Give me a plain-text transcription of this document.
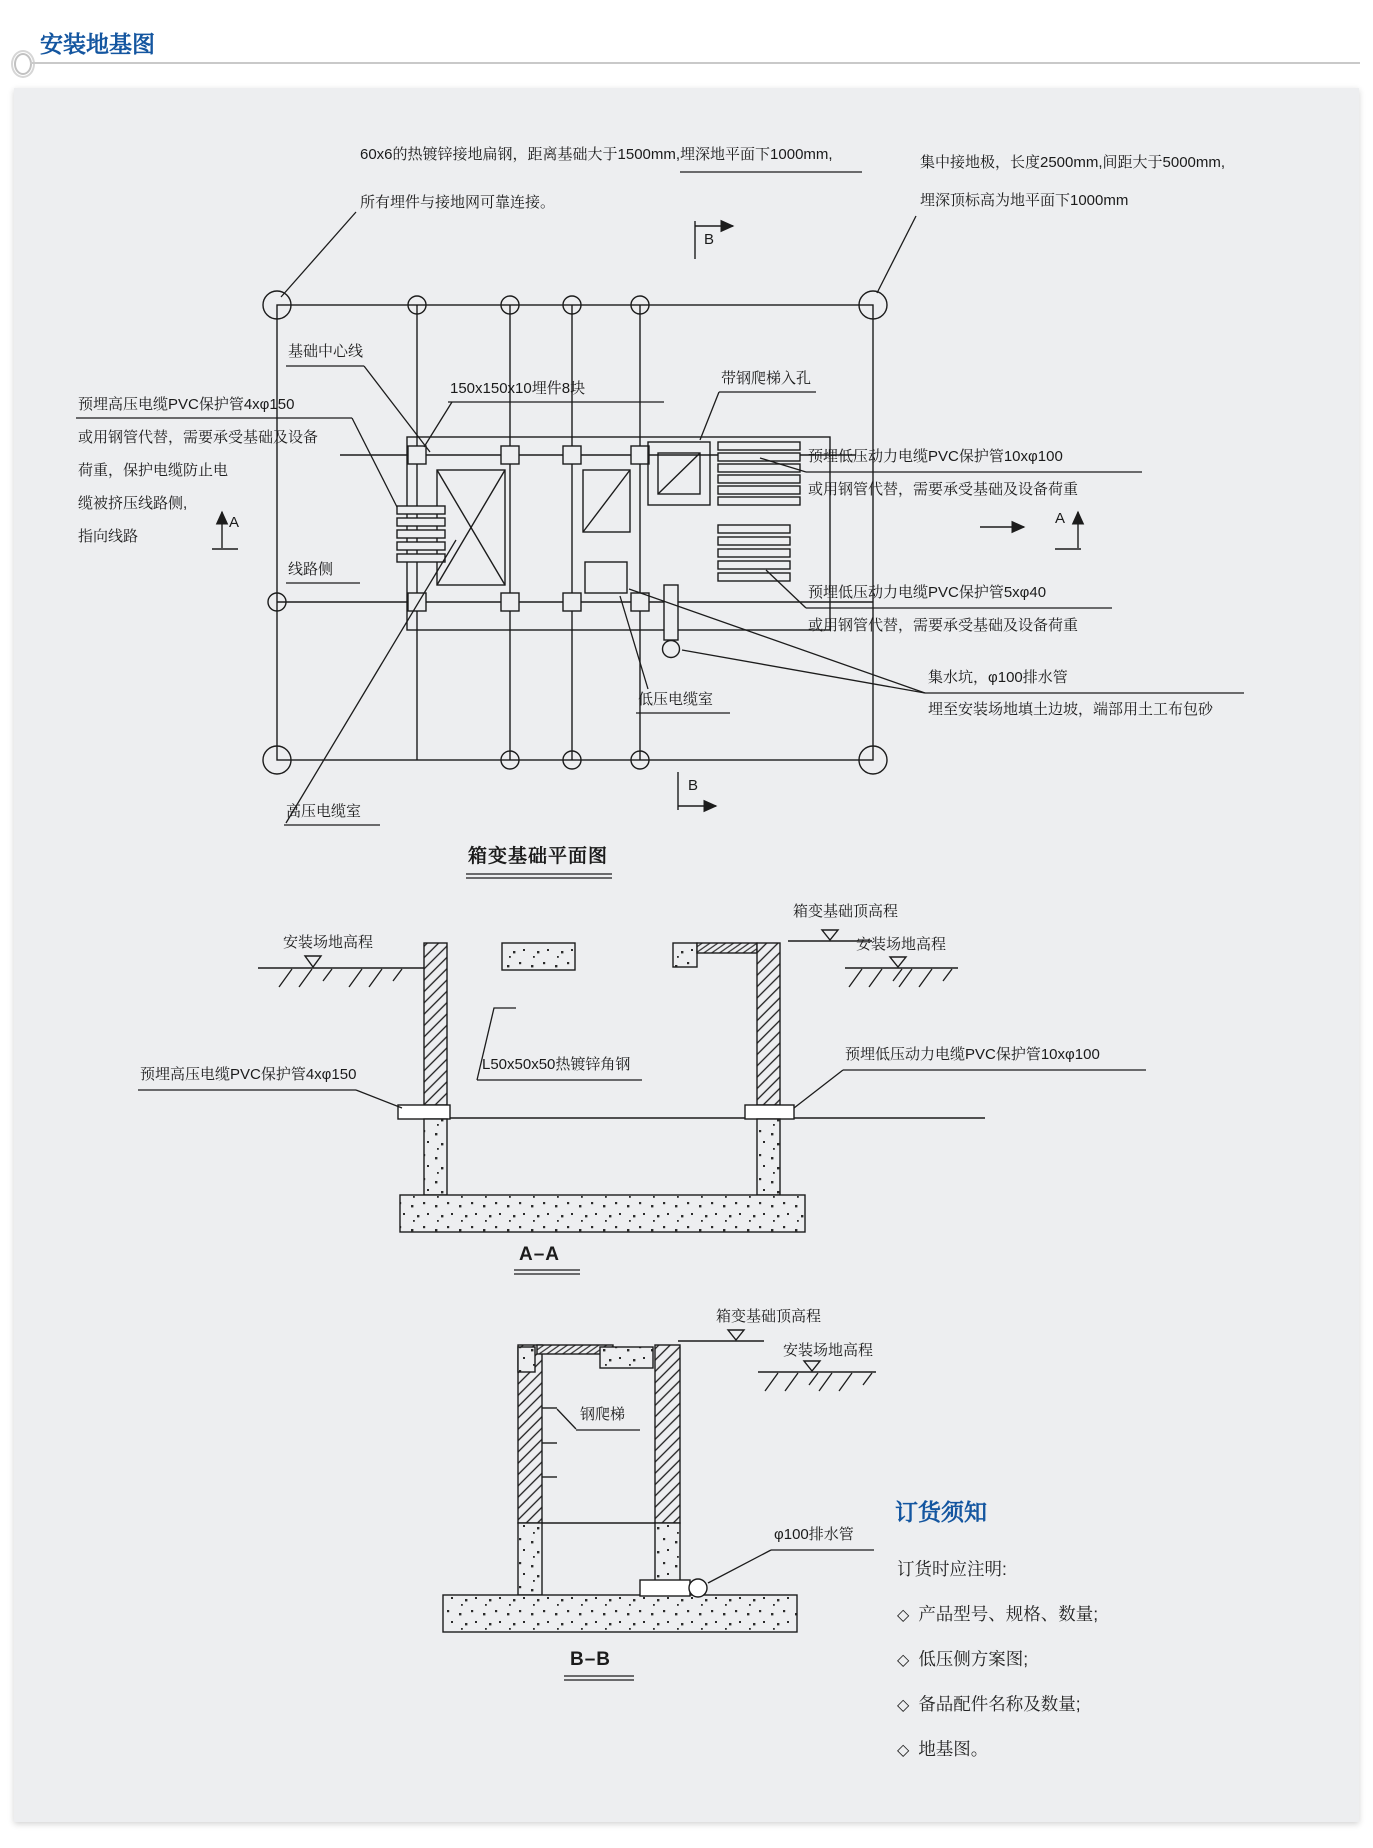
安装地基图
60x6的热镀锌接地扁钢，距离基础大于1500mm,埋深地平面下1000mm,
所有埋件与接地网可靠连接。
集中接地极，长度2500mm,间距大于5000mm,
埋深顶标高为地平面下1000mm
B
基础中心线
150x150x10埋件8块
带钢爬梯入孔
预埋高压电缆PVC保护管4xφ150
或用钢管代替，需要承受基础及设备
荷重，保护电缆防止电
缆被挤压线路侧,
指向线路
A
线路侧
预埋低压动力电缆PVC保护管10xφ100
或用钢管代替，需要承受基础及设备荷重
A
预埋低压动力电缆PVC保护管5xφ40
或用钢管代替，需要承受基础及设备荷重
集水坑，φ100排水管
埋至安装场地填土边坡，端部用土工布包砂
低压电缆室
B
高压电缆室
箱变基础平面图
安装场地高程
箱变基础顶高程
安装场地高程
L50x50x50热镀锌角钢
预埋高压电缆PVC保护管4xφ150
预埋低压动力电缆PVC保护管10xφ100
A–A
箱变基础顶高程
安装场地高程
钢爬梯
φ100排水管
B–B
订货须知
订货时应注明:
◇ 产品型号、规格、数量;
◇ 低压侧方案图;
◇ 备品配件名称及数量;
◇ 地基图。
